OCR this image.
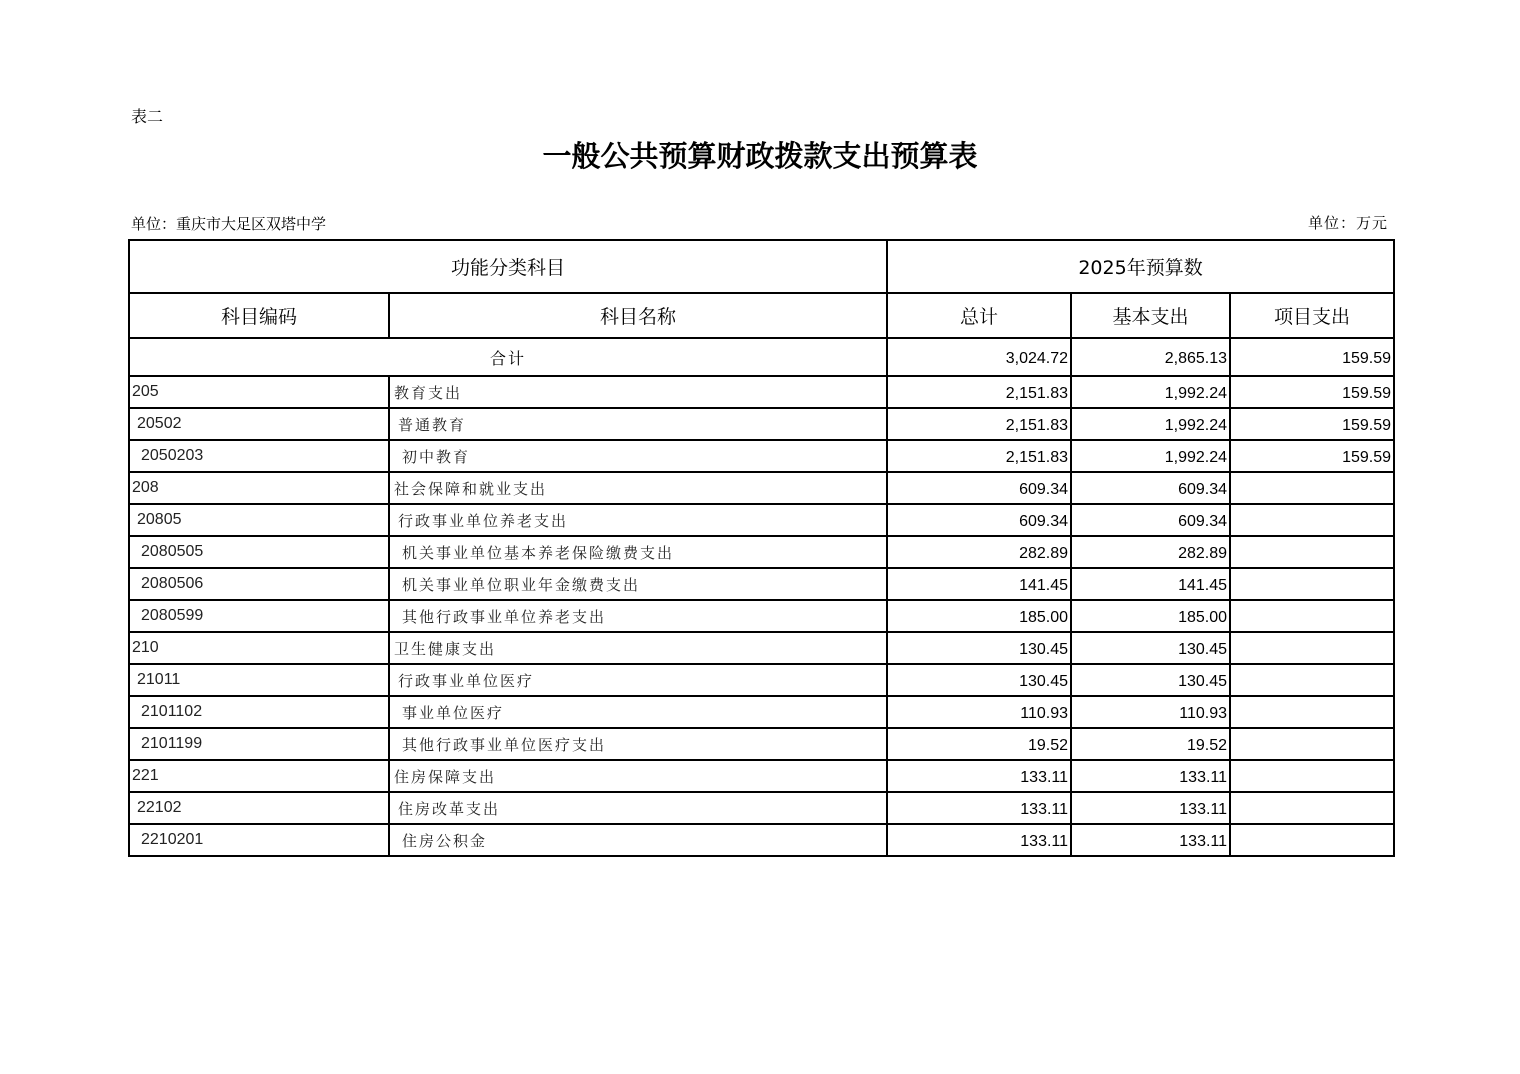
表二
一般公共预算财政拨款支出预算表
单位：重庆市大足区双塔中学	单位：万元
功能分类科目		2025年预算数		
科目编码	科目名称	总计	基本支出	项目支出
合计		3,024.72	2,865.13	159.59
205	教育支出	2,151.83	1,992.24	159.59
20502	普通教育	2,151.83	1,992.24	159.59
2050203	初中教育	2,151.83	1,992.24	159.59
208	社会保障和就业支出	609.34	609.34	
20805	行政事业单位养老支出	609.34	609.34	
2080505	机关事业单位基本养老保险缴费支出	282.89	282.89	
2080506	机关事业单位职业年金缴费支出	141.45	141.45	
2080599	其他行政事业单位养老支出	185.00	185.00	
210	卫生健康支出	130.45	130.45	
21011	行政事业单位医疗	130.45	130.45	
2101102	事业单位医疗	110.93	110.93	
2101199	其他行政事业单位医疗支出	19.52	19.52	
221	住房保障支出	133.11	133.11	
22102	住房改革支出	133.11	133.11	
2210201	住房公积金	133.11	133.11	
